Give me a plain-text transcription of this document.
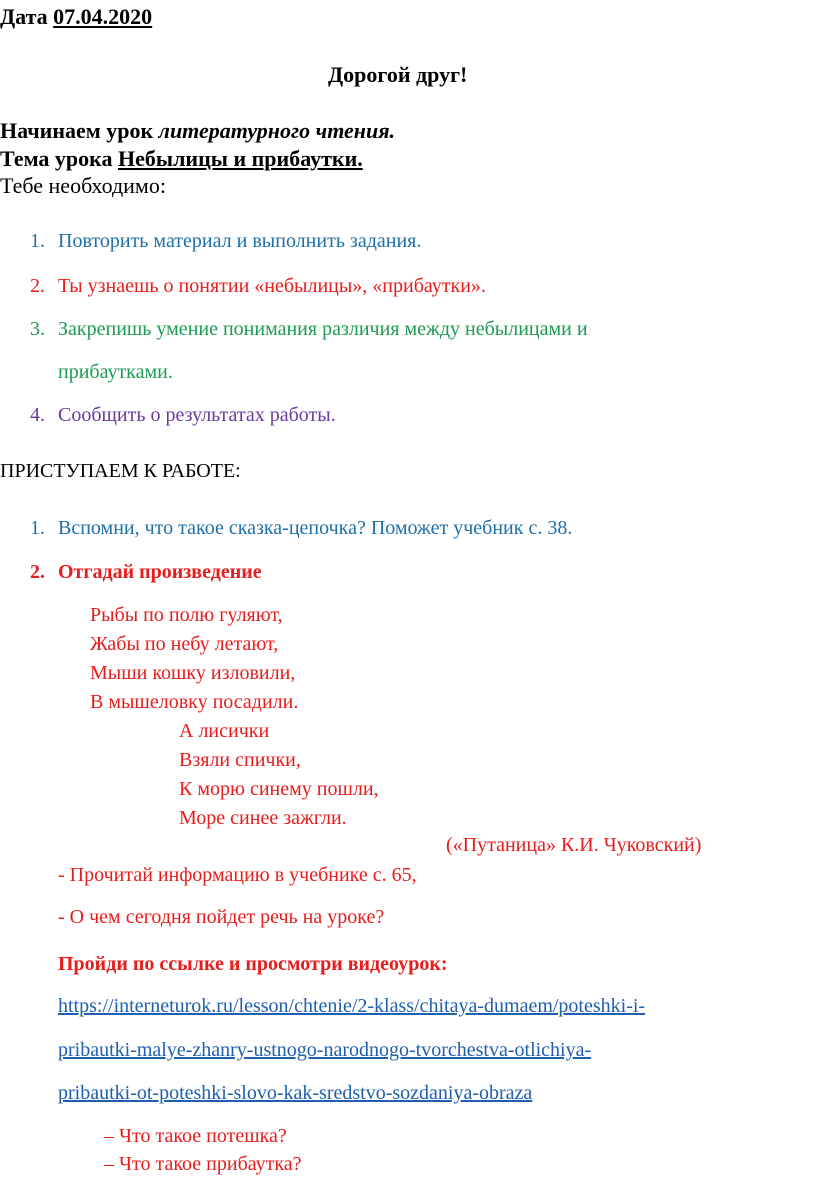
Дата 07.04.2020
Дорогой друг!
Начинаем урок литературного чтения.
Тема урока Небылицы и прибаутки.
Тебе необходимо:
1. Повторить материал и выполнить задания.
2. Ты узнаешь о понятии «небылицы», «прибаутки».
3. Закрепишь умение понимания различия между небылицами и
прибаутками.
4. Сообщить о результатах работы.
ПРИСТУПАЕМ К РАБОТЕ:
1. Вспомни, что такое сказка-цепочка? Поможет учебник с. 38.
2. Отгадай произведение
Рыбы по полю гуляют,
Жабы по небу летают,
Мыши кошку изловили,
В мышеловку посадили.
А лисички
Взяли спички,
К морю синему пошли,
Море синее зажгли.
(«Путаница» К.И. Чуковский)
- Прочитай информацию в учебнике с. 65,
- О чем сегодня пойдет речь на уроке?
Пройди по ссылке и просмотри видеоурок:
https://interneturok.ru/lesson/chtenie/2-klass/chitaya-dumaem/poteshki-i-
pribautki-malye-zhanry-ustnogo-narodnogo-tvorchestva-otlichiya-
pribautki-ot-poteshki-slovo-kak-sredstvo-sozdaniya-obraza
– Что такое потешка?
– Что такое прибаутка?
